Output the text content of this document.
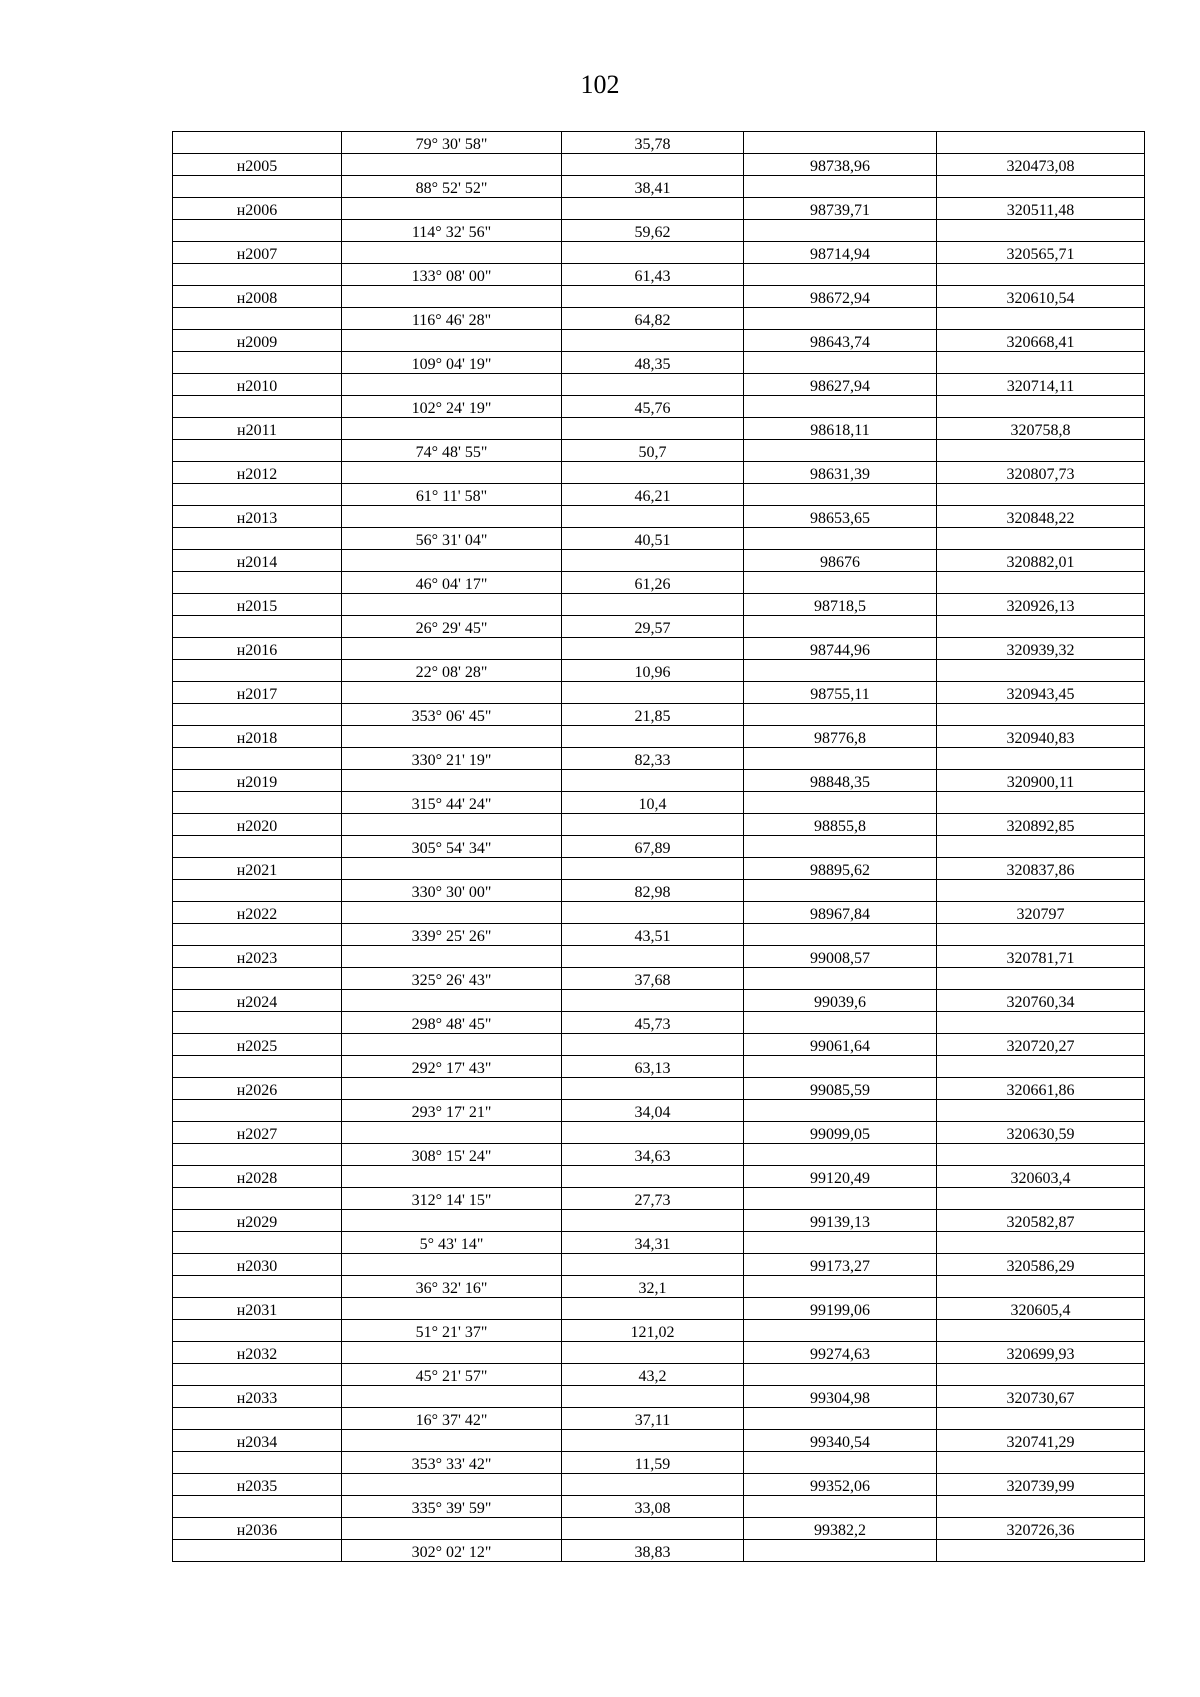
102
	79° 30' 58"	35,78		
н2005			98738,96	320473,08
	88° 52' 52"	38,41		
н2006			98739,71	320511,48
	114° 32' 56"	59,62		
н2007			98714,94	320565,71
	133° 08' 00"	61,43		
н2008			98672,94	320610,54
	116° 46' 28"	64,82		
н2009			98643,74	320668,41
	109° 04' 19"	48,35		
н2010			98627,94	320714,11
	102° 24' 19"	45,76		
н2011			98618,11	320758,8
	74° 48' 55"	50,7		
н2012			98631,39	320807,73
	61° 11' 58"	46,21		
н2013			98653,65	320848,22
	56° 31' 04"	40,51		
н2014			98676	320882,01
	46° 04' 17"	61,26		
н2015			98718,5	320926,13
	26° 29' 45"	29,57		
н2016			98744,96	320939,32
	22° 08' 28"	10,96		
н2017			98755,11	320943,45
	353° 06' 45"	21,85		
н2018			98776,8	320940,83
	330° 21' 19"	82,33		
н2019			98848,35	320900,11
	315° 44' 24"	10,4		
н2020			98855,8	320892,85
	305° 54' 34"	67,89		
н2021			98895,62	320837,86
	330° 30' 00"	82,98		
н2022			98967,84	320797
	339° 25' 26"	43,51		
н2023			99008,57	320781,71
	325° 26' 43"	37,68		
н2024			99039,6	320760,34
	298° 48' 45"	45,73		
н2025			99061,64	320720,27
	292° 17' 43"	63,13		
н2026			99085,59	320661,86
	293° 17' 21"	34,04		
н2027			99099,05	320630,59
	308° 15' 24"	34,63		
н2028			99120,49	320603,4
	312° 14' 15"	27,73		
н2029			99139,13	320582,87
	5° 43' 14"	34,31		
н2030			99173,27	320586,29
	36° 32' 16"	32,1		
н2031			99199,06	320605,4
	51° 21' 37"	121,02		
н2032			99274,63	320699,93
	45° 21' 57"	43,2		
н2033			99304,98	320730,67
	16° 37' 42"	37,11		
н2034			99340,54	320741,29
	353° 33' 42"	11,59		
н2035			99352,06	320739,99
	335° 39' 59"	33,08		
н2036			99382,2	320726,36
	302° 02' 12"	38,83		
